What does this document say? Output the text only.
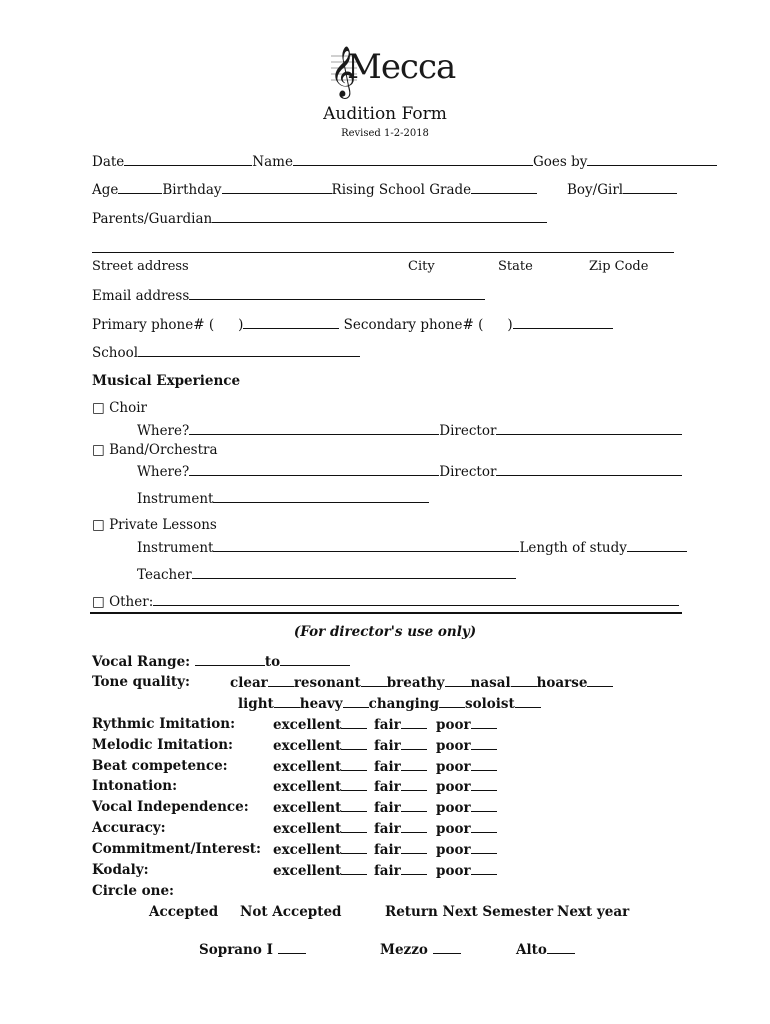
𝄞
Mecca
Audition Form
Revised 1-2-2018
Date	Name	Goes by
Age	Birthday	Rising School Grade	Boy/Girl
Parents/Guardian
Street address	City	State	Zip Code
Email address
Primary phone# ( )	Secondary phone# ( )
School
Musical Experience
□ Choir
Where?	Director
□ Band/Orchestra
Where?	Director
Instrument
□ Private Lessons
Instrument	Length of study
Teacher
□ Other:
(For director's use only)
Vocal Range:	to
Tone quality:	clear resonant breathy nasal hoarse
light heavy changing soloist
Rythmic Imitation:	excellent	fair	poor
Melodic Imitation:	excellent	fair	poor
Beat competence:	excellent	fair	poor
Intonation:	excellent	fair	poor
Vocal Independence: excellent	fair	poor
Accuracy:	excellent	fair	poor
Commitment/Interest: excellent	fair	poor
Kodaly:	excellent	fair	poor
Circle one:
Accepted Not Accepted	Return Next Semester Next year
Soprano I	Mezzo	Alto
